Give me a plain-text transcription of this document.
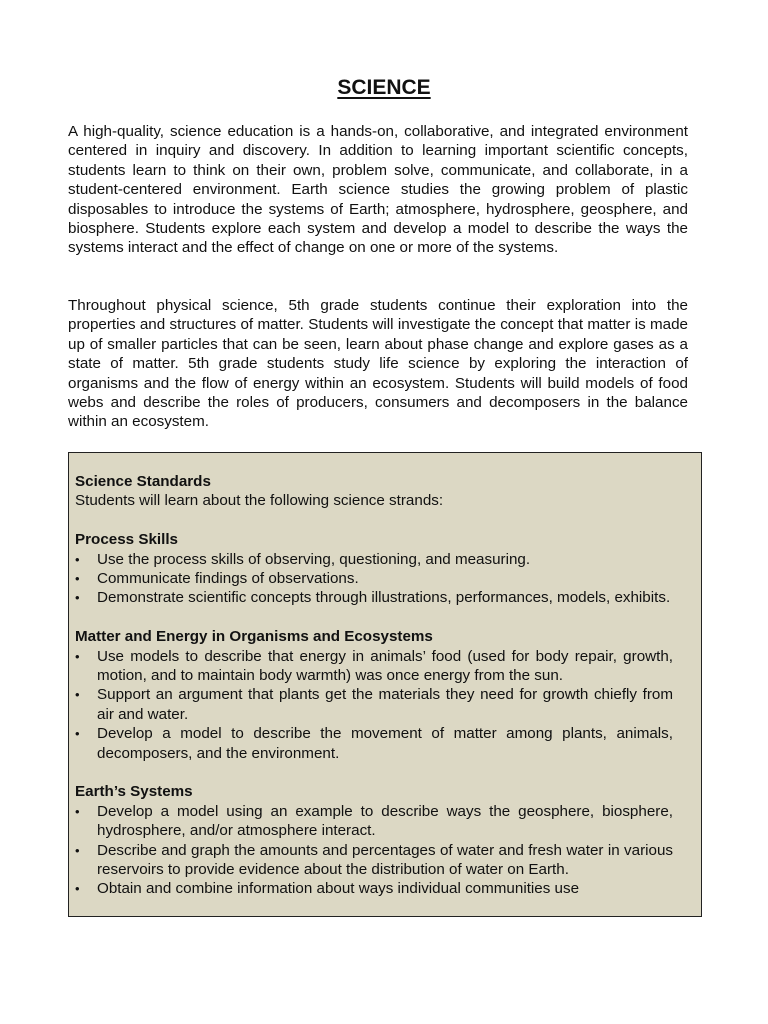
SCIENCE

A high-quality, science education is a hands-on, collaborative, and integrated environment centered in inquiry and discovery. In addition to learning important scientific concepts, students learn to think on their own, problem solve, communicate, and collaborate, in a student-centered environment. Earth science studies the growing problem of plastic disposables to introduce the systems of Earth; atmosphere, hydrosphere, geosphere, and biosphere. Students explore each system and develop a model to describe the ways the systems interact and the effect of change on one or more of the systems.

Throughout physical science, 5th grade students continue their exploration into the properties and structures of matter. Students will investigate the concept that matter is made up of smaller particles that can be seen, learn about phase change and explore gases as a state of matter. 5th grade students study life science by exploring the interaction of organisms and the flow of energy within an ecosystem. Students will build models of food webs and describe the roles of producers, consumers and decomposers in the balance within an ecosystem.

Science Standards

Students will learn about the following science strands:

Process Skills

• Use the process skills of observing, questioning, and measuring.
• Communicate findings of observations.
• Demonstrate scientific concepts through illustrations, performances, models, exhibits.

Matter and Energy in Organisms and Ecosystems

• Use models to describe that energy in animals’ food (used for body repair, growth, motion, and to maintain body warmth) was once energy from the sun.
• Support an argument that plants get the materials they need for growth chiefly from air and water.
• Develop a model to describe the movement of matter among plants, animals, decomposers, and the environment.

Earth’s Systems

• Develop a model using an example to describe ways the geosphere, biosphere, hydrosphere, and/or atmosphere interact.
• Describe and graph the amounts and percentages of water and fresh water in various reservoirs to provide evidence about the distribution of water on Earth.
• Obtain and combine information about ways individual communities use
